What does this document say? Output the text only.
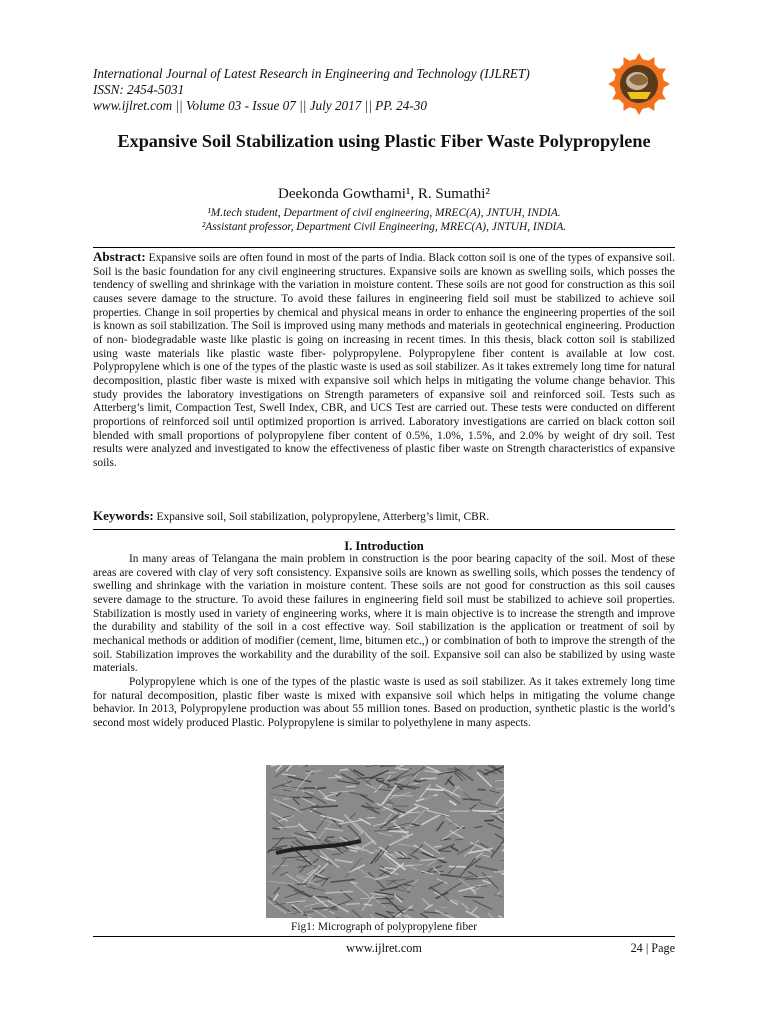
International Journal of Latest Research in Engineering and Technology (IJLRET)
ISSN: 2454-5031
www.ijlret.com || Volume 03 - Issue 07 || July 2017 || PP. 24-30
Expansive Soil Stabilization using Plastic Fiber Waste Polypropylene
Deekonda Gowthami¹, R. Sumathi²
¹M.tech student, Department of civil engineering, MREC(A), JNTUH, INDIA.
²Assistant professor, Department Civil Engineering, MREC(A), JNTUH, INDIA.
Abstract: Expansive soils are often found in most of the parts of India. Black cotton soil is one of the types of expansive soil. Soil is the basic foundation for any civil engineering structures. Expansive soils are known as swelling soils, which posses the tendency of swelling and shrinkage with the variation in moisture content. These soils are not good for construction as this soil causes severe damage to the structure. To avoid these failures in engineering field soil must be stabilized to achieve soil properties. Change in soil properties by chemical and physical means in order to enhance the engineering properties of the soil is known as soil stabilization. The Soil is improved using many methods and materials in geotechnical engineering. Production of non- biodegradable waste like plastic is going on increasing in recent times. In this thesis, black cotton soil is stabilized using waste materials like plastic waste fiber- polypropylene. Polypropylene fiber content is available at low cost. Polypropylene which is one of the types of the plastic waste is used as soil stabilizer. As it takes extremely long time for natural decomposition, plastic fiber waste is mixed with expansive soil which helps in mitigating the volume change behavior. This study provides the laboratory investigations on Strength parameters of expansive soil and reinforced soil. Tests such as Atterberg’s limit, Compaction Test, Swell Index, CBR, and UCS Test are carried out. These tests were conducted on different proportions of reinforced soil until optimized proportion is arrived. Laboratory investigations are carried on black cotton soil blended with small proportions of polypropylene fiber content of 0.5%, 1.0%, 1.5%, and 2.0% by weight of dry soil. Test results were analyzed and investigated to know the effectiveness of plastic fiber waste on Strength characteristics of expansive soils.
Keywords: Expansive soil, Soil stabilization, polypropylene, Atterberg’s limit, CBR.
I. Introduction

In many areas of Telangana the main problem in construction is the poor bearing capacity of the soil. Most of these areas are covered with clay of very soft consistency. Expansive soils are known as swelling soils, which posses the tendency of swelling and shrinkage with the variation in moisture content. These soils are not good for construction as this soil causes severe damage to the structure. To avoid these failures in engineering field soil must be stabilized to achieve soil properties. Stabilization is mostly used in variety of engineering works, where it is main objective is to increase the strength and improve the durability and stability of the soil in a cost effective way. Soil stabilization is the application or treatment of soil by mechanical methods or addition of modifier (cement, lime, bitumen etc.,) or combination of both to improve the strength of the soil. Stabilization improves the workability and the durability of the soil. Expansive soil can also be stabilized by using waste materials.

Polypropylene which is one of the types of the plastic waste is used as soil stabilizer. As it takes extremely long time for natural decomposition, plastic fiber waste is mixed with expansive soil which helps in mitigating the volume change behavior. In 2013, Polypropylene production was about 55 million tones. Based on production, synthetic plastic is the world’s second most widely produced Plastic. Polypropylene is similar to polyethylene in many aspects.

Fig1: Micrograph of polypropylene fiber
www.ijlret.com	24 | Page
